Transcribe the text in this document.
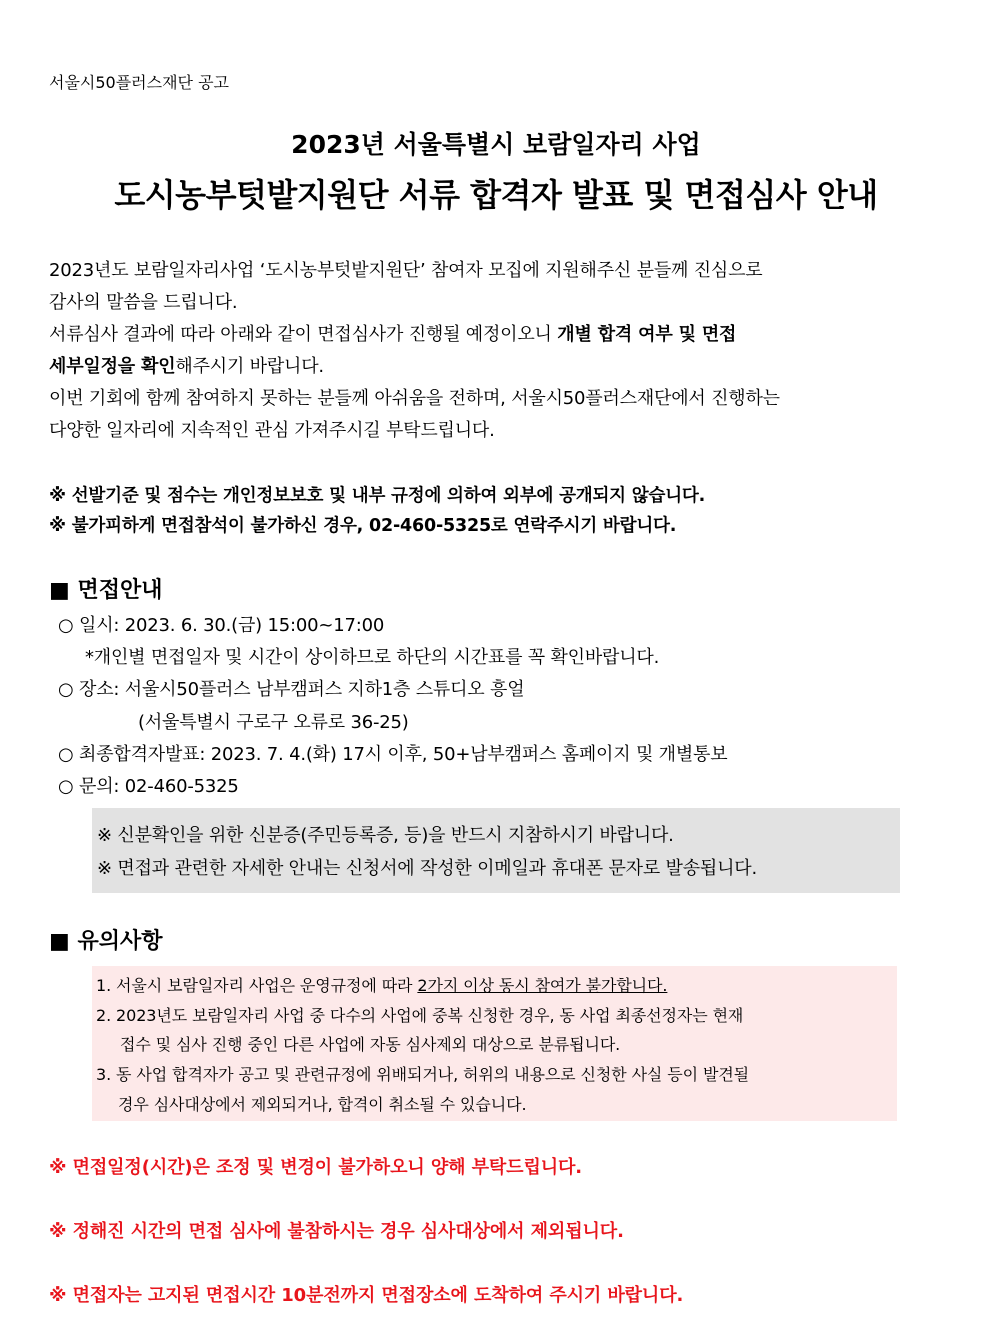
서울시50플러스재단 공고
2023년 서울특별시 보람일자리 사업
도시농부텃밭지원단 서류 합격자 발표 및 면접심사 안내
2023년도 보람일자리사업 ‘도시농부텃밭지원단’ 참여자 모집에 지원해주신 분들께 진심으로
감사의 말씀을 드립니다.
서류심사 결과에 따라 아래와 같이 면접심사가 진행될 예정이오니 개별 합격 여부 및 면접
세부일정을 확인해주시기 바랍니다.
이번 기회에 함께 참여하지 못하는 분들께 아쉬움을 전하며, 서울시50플러스재단에서 진행하는
다양한 일자리에 지속적인 관심 가져주시길 부탁드립니다.
※ 선발기준 및 점수는 개인정보보호 및 내부 규정에 의하여 외부에 공개되지 않습니다.
※ 불가피하게 면접참석이 불가하신 경우, 02-460-5325로 연락주시기 바랍니다.
■ 면접안내
○ 일시: 2023. 6. 30.(금) 15:00~17:00
*개인별 면접일자 및 시간이 상이하므로 하단의 시간표를 꼭 확인바랍니다.
○ 장소: 서울시50플러스 남부캠퍼스 지하1층 스튜디오 흥얼
(서울특별시 구로구 오류로 36-25)
○ 최종합격자발표: 2023. 7. 4.(화) 17시 이후, 50+남부캠퍼스 홈페이지 및 개별통보
○ 문의: 02-460-5325
※ 신분확인을 위한 신분증(주민등록증, 등)을 반드시 지참하시기 바랍니다.
※ 면접과 관련한 자세한 안내는 신청서에 작성한 이메일과 휴대폰 문자로 발송됩니다.
■ 유의사항
1. 서울시 보람일자리 사업은 운영규정에 따라 2가지 이상 동시 참여가 불가합니다.
2. 2023년도 보람일자리 사업 중 다수의 사업에 중복 신청한 경우, 동 사업 최종선정자는 현재
접수 및 심사 진행 중인 다른 사업에 자동 심사제외 대상으로 분류됩니다.
3. 동 사업 합격자가 공고 및 관련규정에 위배되거나, 허위의 내용으로 신청한 사실 등이 발견될
경우 심사대상에서 제외되거나, 합격이 취소될 수 있습니다.
※ 면접일정(시간)은 조정 및 변경이 불가하오니 양해 부탁드립니다.
※ 정해진 시간의 면접 심사에 불참하시는 경우 심사대상에서 제외됩니다.
※ 면접자는 고지된 면접시간 10분전까지 면접장소에 도착하여 주시기 바랍니다.
